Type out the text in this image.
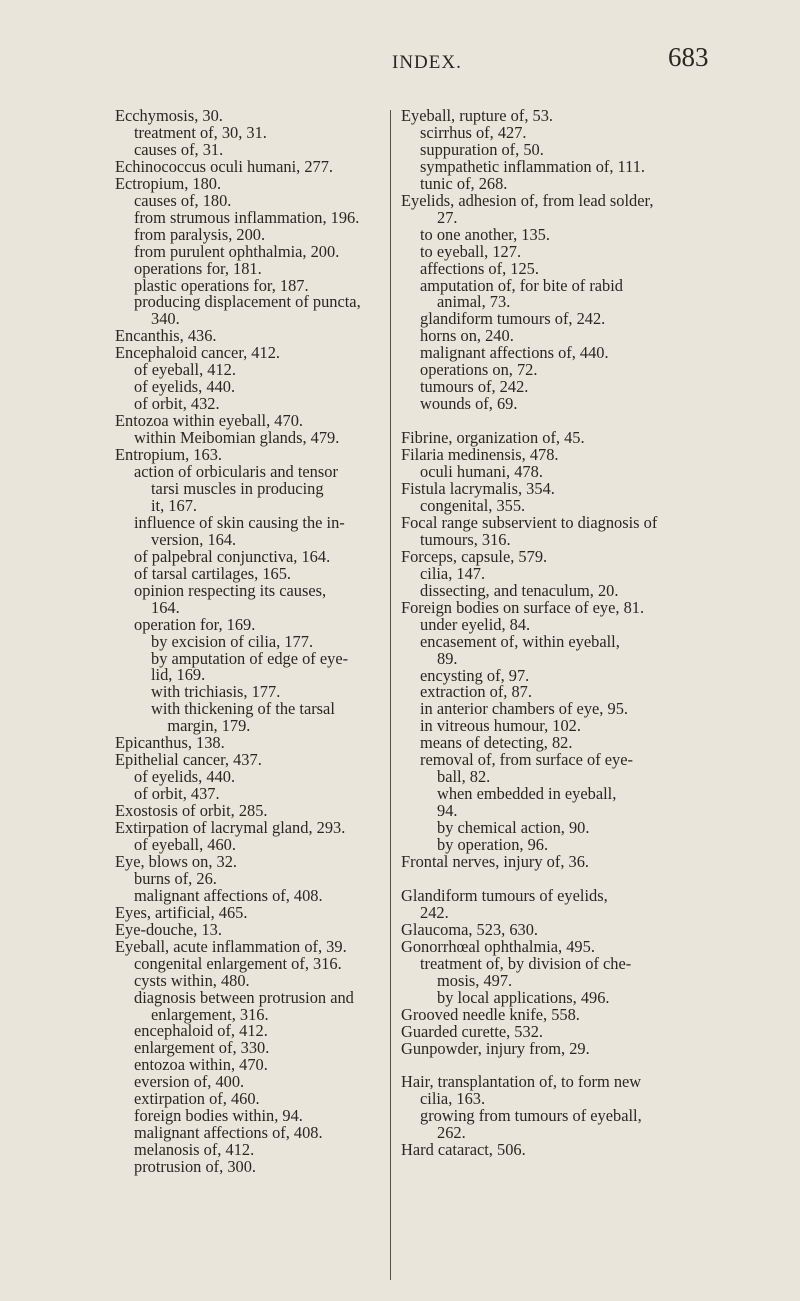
INDEX.	683
Ecchymosis, 30.
treatment of, 30, 31.
causes of, 31.
Echinococcus oculi humani, 277.
Ectropium, 180.
causes of, 180.
from strumous inflammation, 196.
from paralysis, 200.
from purulent ophthalmia, 200.
operations for, 181.
plastic operations for, 187.
producing displacement of puncta,
340.
Encanthis, 436.
Encephaloid cancer, 412.
of eyeball, 412.
of eyelids, 440.
of orbit, 432.
Entozoa within eyeball, 470.
within Meibomian glands, 479.
Entropium, 163.
action of orbicularis and tensor
tarsi muscles in producing
it, 167.
influence of skin causing the in-
version, 164.
of palpebral conjunctiva, 164.
of tarsal cartilages, 165.
opinion respecting its causes,
164.
operation for, 169.
by excision of cilia, 177.
by amputation of edge of eye-
lid, 169.
with trichiasis, 177.
with thickening of the tarsal
margin, 179.
Epicanthus, 138.
Epithelial cancer, 437.
of eyelids, 440.
of orbit, 437.
Exostosis of orbit, 285.
Extirpation of lacrymal gland, 293.
of eyeball, 460.
Eye, blows on, 32.
burns of, 26.
malignant affections of, 408.
Eyes, artificial, 465.
Eye-douche, 13.
Eyeball, acute inflammation of, 39.
congenital enlargement of, 316.
cysts within, 480.
diagnosis between protrusion and
enlargement, 316.
encephaloid of, 412.
enlargement of, 330.
entozoa within, 470.
eversion of, 400.
extirpation of, 460.
foreign bodies within, 94.
malignant affections of, 408.
melanosis of, 412.
protrusion of, 300.
Eyeball, rupture of, 53.
scirrhus of, 427.
suppuration of, 50.
sympathetic inflammation of, 111.
tunic of, 268.
Eyelids, adhesion of, from lead solder,
27.
to one another, 135.
to eyeball, 127.
affections of, 125.
amputation of, for bite of rabid
animal, 73.
glandiform tumours of, 242.
horns on, 240.
malignant affections of, 440.
operations on, 72.
tumours of, 242.
wounds of, 69.
Fibrine, organization of, 45.
Filaria medinensis, 478.
oculi humani, 478.
Fistula lacrymalis, 354.
congenital, 355.
Focal range subservient to diagnosis of
tumours, 316.
Forceps, capsule, 579.
cilia, 147.
dissecting, and tenaculum, 20.
Foreign bodies on surface of eye, 81.
under eyelid, 84.
encasement of, within eyeball,
89.
encysting of, 97.
extraction of, 87.
in anterior chambers of eye, 95.
in vitreous humour, 102.
means of detecting, 82.
removal of, from surface of eye-
ball, 82.
when embedded in eyeball,
94.
by chemical action, 90.
by operation, 96.
Frontal nerves, injury of, 36.
Glandiform tumours of eyelids,
242.
Glaucoma, 523, 630.
Gonorrhœal ophthalmia, 495.
treatment of, by division of che-
mosis, 497.
by local applications, 496.
Grooved needle knife, 558.
Guarded curette, 532.
Gunpowder, injury from, 29.
Hair, transplantation of, to form new
cilia, 163.
growing from tumours of eyeball,
262.
Hard cataract, 506.
